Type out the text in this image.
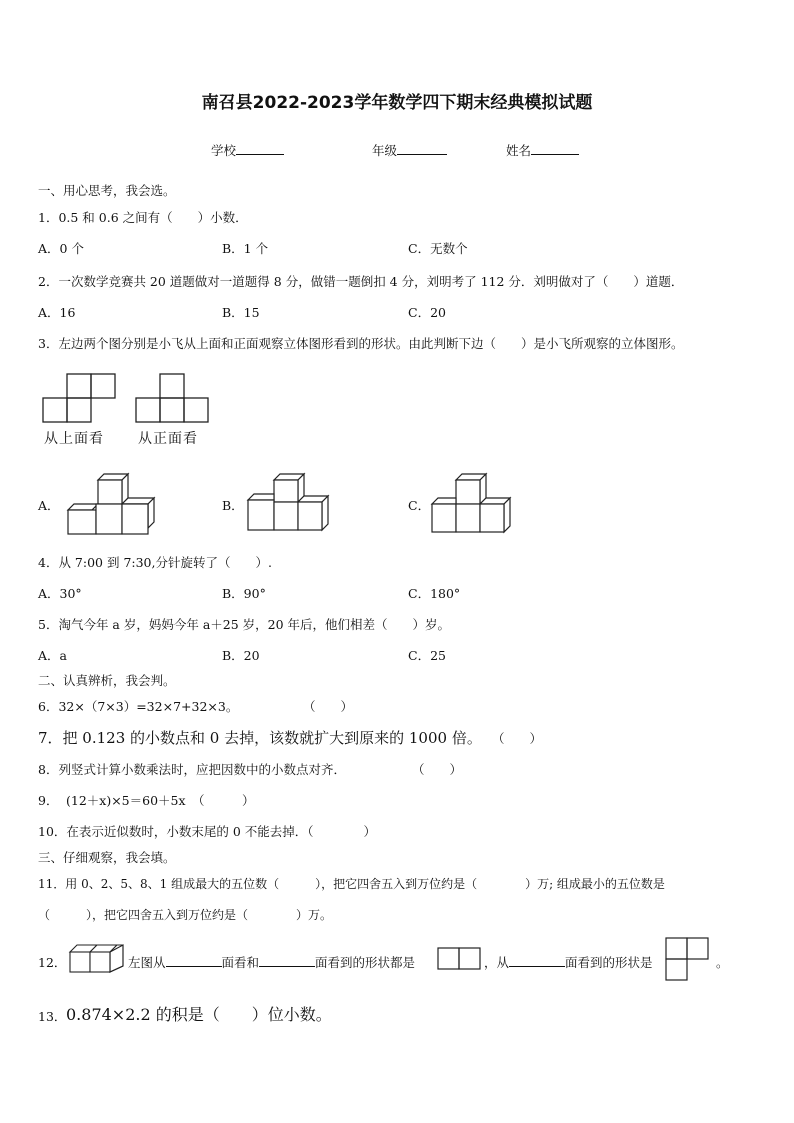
南召县2022-2023学年数学四下期末经典模拟试题
学校	年级	姓名
一、用心思考，我会选。
1．0.5 和 0.6 之间有（　　）小数．
A．0 个	B．1 个	C．无数个
2．一次数学竞赛共 20 道题做对一道题得 8 分，做错一题倒扣 4 分，刘明考了 112 分．刘明做对了（　　）道题．
A．16	B．15	C．20
3．左边两个图分别是小飞从上面和正面观察立体图形看到的形状。由此判断下边（　　）是小飞所观察的立体图形。
从上面看 从正面看
A．	B．	C．
4．从 7:00 到 7:30,分针旋转了（　　）.
A．30°	B．90°	C．180°
5．淘气今年 a 岁，妈妈今年 a＋25 岁，20 年后，他们相差（　　）岁。
A．a	B．20	C．25
二、认真辨析，我会判。
6．32×（7×3）=32×7+32×3。	（　　）
7．把 0.123 的小数点和 0 去掉，该数就扩大到原来的 1000 倍。 （　　）
8．列竖式计算小数乘法时，应把因数中的小数点对齐．	（　　）
9． (12＋x)×5＝60＋5x （　　　）
10．在表示近似数时，小数末尾的 0 不能去掉．（　　　　）
三、仔细观察，我会填。
11．用 0、2、5、8、1 组成最大的五位数（　　　），把它四舍五入到万位约是（　　　　）万; 组成最小的五位数是
（　　　），把它四舍五入到万位约是（　　　　）万。
12．	左图从	面看和	面看到的形状都是	，从	面看到的形状是	。
13． 0.874×2.2 的积是（　　）位小数。
